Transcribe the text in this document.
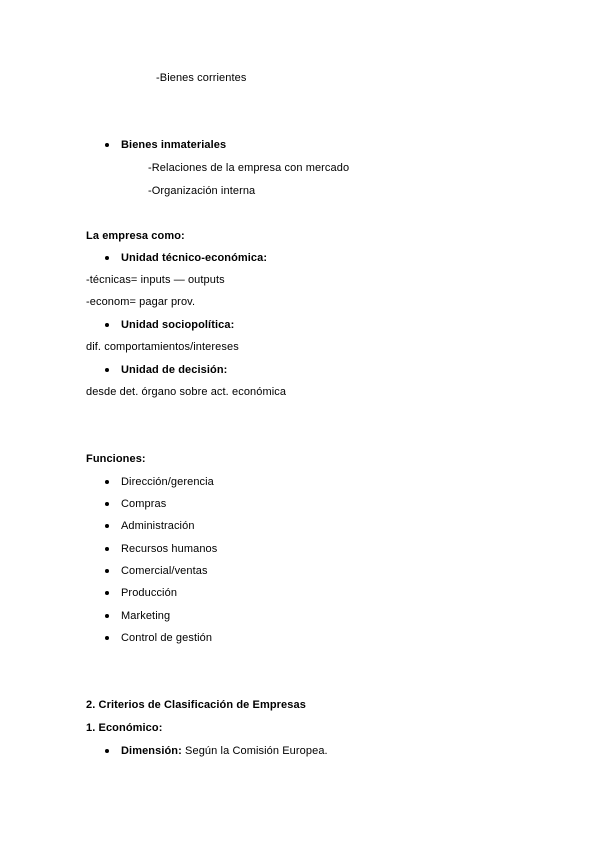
-Bienes corrientes
Bienes inmateriales
-Relaciones de la empresa con mercado
-Organización interna
La empresa como:
Unidad técnico-económica:
-técnicas= inputs — outputs
-econom= pagar prov.
Unidad sociopolítica:
dif. comportamientos/intereses
Unidad de decisión:
desde det. órgano sobre act. económica
Funciones:
Dirección/gerencia
Compras
Administración
Recursos humanos
Comercial/ventas
Producción
Marketing
Control de gestión
2. Criterios de Clasificación de Empresas
1. Económico:
Dimensión: Según la Comisión Europea.
